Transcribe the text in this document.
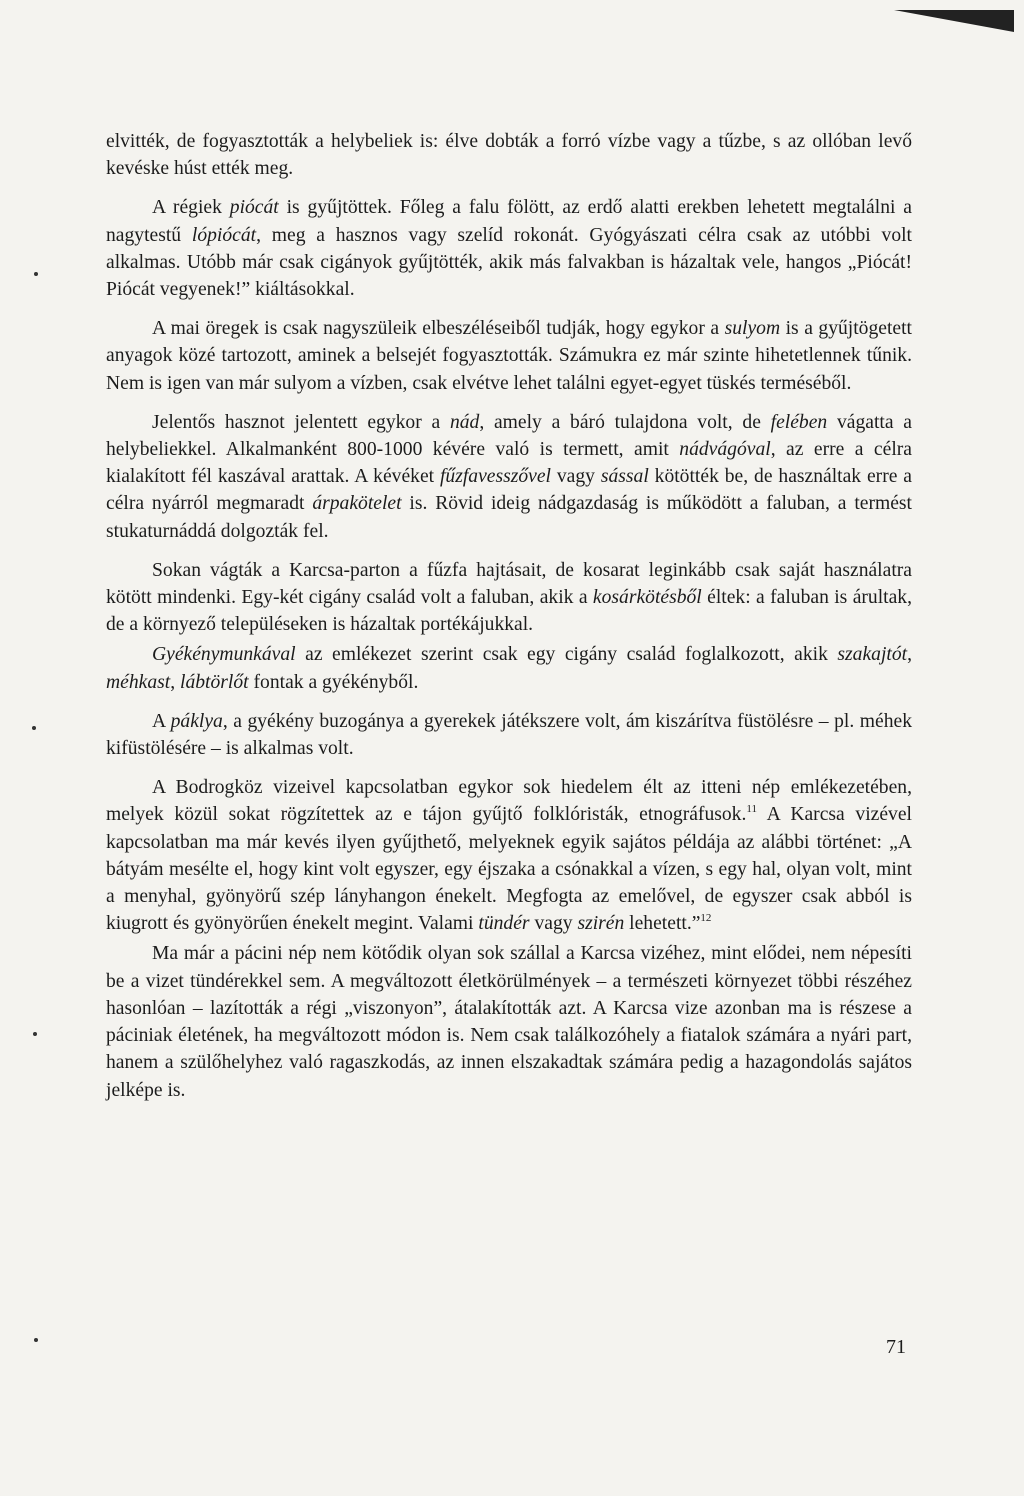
elvitték, de fogyasztották a helybeliek is: élve dobták a forró vízbe vagy a tűzbe, s az ollóban levő kevéske húst ették meg.

A régiek piócát is gyűjtöttek. Főleg a falu fölött, az erdő alatti erekben lehetett megtalálni a nagytestű lópiócát, meg a hasznos vagy szelíd rokonát. Gyógyászati célra csak az utóbbi volt alkalmas. Utóbb már csak cigányok gyűjtötték, akik más falvakban is házaltak vele, hangos „Piócát! Piócát vegyenek!” kiáltásokkal.

A mai öregek is csak nagyszüleik elbeszéléseiből tudják, hogy egykor a sulyom is a gyűjtögetett anyagok közé tartozott, aminek a belsejét fogyasztották. Számukra ez már szinte hihetetlennek tűnik. Nem is igen van már sulyom a vízben, csak elvétve lehet találni egyet-egyet tüskés terméséből.

Jelentős hasznot jelentett egykor a nád, amely a báró tulajdona volt, de felében vágatta a helybeliekkel. Alkalmanként 800-1000 kévére való is termett, amit nádvágóval, az erre a célra kialakított fél kaszával arattak. A kévéket fűzfavesszővel vagy sással kötötték be, de használtak erre a célra nyárról megmaradt árpakötelet is. Rövid ideig nádgazdaság is működött a faluban, a termést stukaturnáddá dolgozták fel.

Sokan vágták a Karcsa-parton a fűzfa hajtásait, de kosarat leginkább csak saját használatra kötött mindenki. Egy-két cigány család volt a faluban, akik a kosárkötésből éltek: a faluban is árultak, de a környező településeken is házaltak portékájukkal.

Gyékénymunkával az emlékezet szerint csak egy cigány család foglalkozott, akik szakajtót, méhkast, lábtörlőt fontak a gyékényből.

A páklya, a gyékény buzogánya a gyerekek játékszere volt, ám kiszárítva füstölésre – pl. méhek kifüstölésére – is alkalmas volt.

A Bodrogköz vizeivel kapcsolatban egykor sok hiedelem élt az itteni nép emlékezetében, melyek közül sokat rögzítettek az e tájon gyűjtő folklóristák, etnográfusok.$^{11}$ A Karcsa vizével kapcsolatban ma már kevés ilyen gyűjthető, melyeknek egyik sajátos példája az alábbi történet: „A bátyám mesélte el, hogy kint volt egyszer, egy éjszaka a csónakkal a vízen, s egy hal, olyan volt, mint a menyhal, gyönyörű szép lányhangon énekelt. Megfogta az emelővel, de egyszer csak abból is kiugrott és gyönyörűen énekelt megint. Valami tündér vagy szirén lehetett.”$^{12}$

Ma már a pácini nép nem kötődik olyan sok szállal a Karcsa vizéhez, mint elődei, nem népesíti be a vizet tündérekkel sem. A megváltozott életkörülmények – a természeti környezet többi részéhez hasonlóan – lazították a régi „viszonyon”, átalakították azt. A Karcsa vize azonban ma is részese a páciniak életének, ha megváltozott módon is. Nem csak találkozóhely a fiatalok számára a nyári part, hanem a szülőhelyhez való ragaszkodás, az innen elszakadtak számára pedig a hazagondolás sajátos jelképe is.

71
